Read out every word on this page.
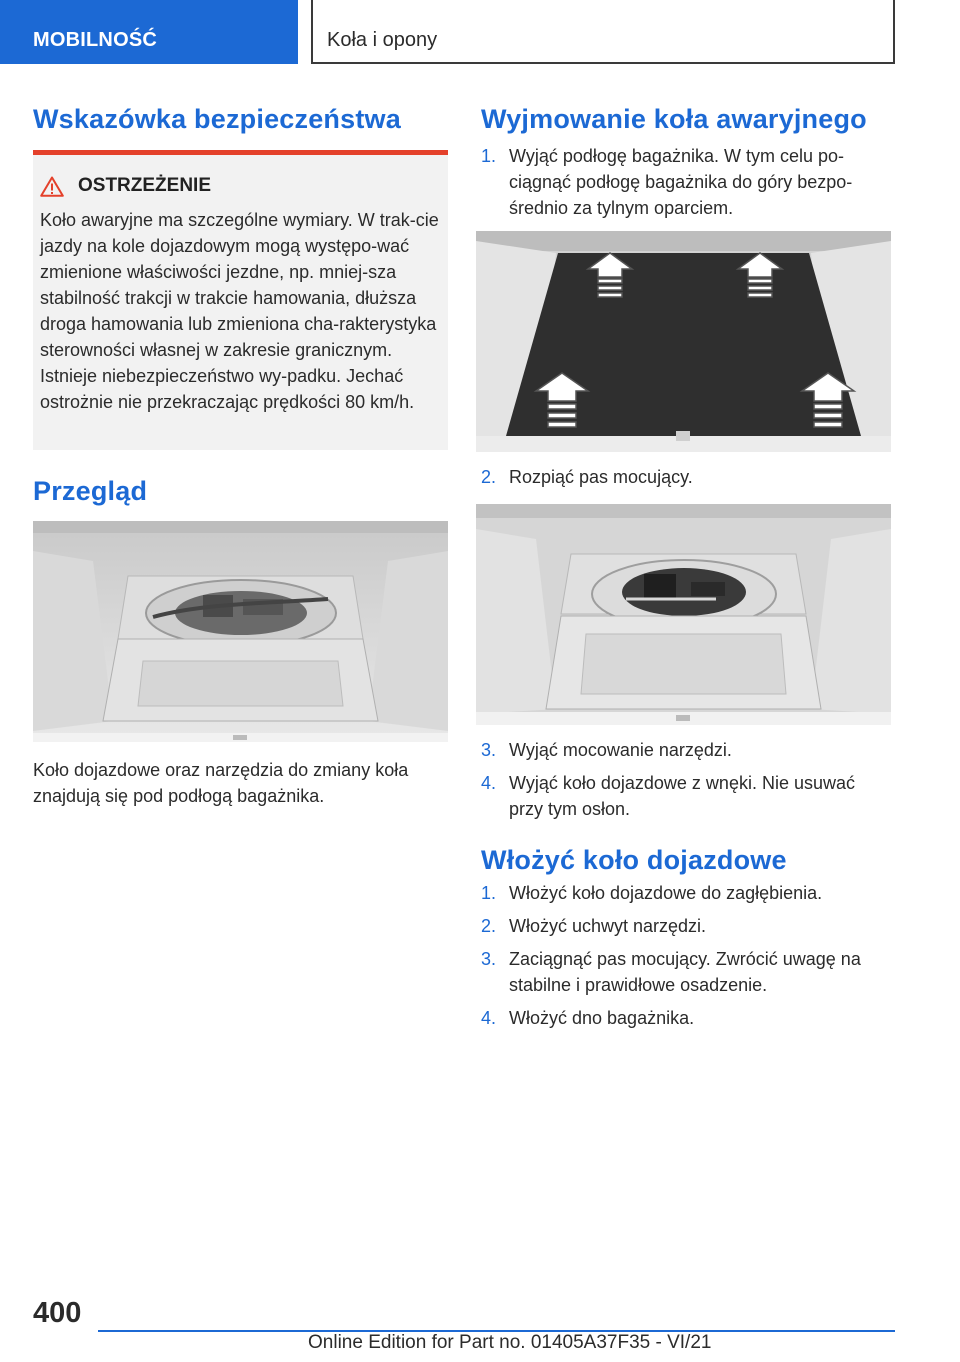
MOBILNOŚĆ	Koła i opony
Wskazówka bezpieczeństwa
OSTRZEŻENIE
Koło awaryjne ma szczególne wymiary. W trak-cie jazdy na kole dojazdowym mogą występo-wać zmienione właściwości jezdne, np. mniej-sza stabilność trakcji w trakcie hamowania, dłuższa droga hamowania lub zmieniona cha-rakterystyka sterowności własnej w zakresie granicznym. Istnieje niebezpieczeństwo wy-padku. Jechać ostrożnie nie przekraczając prędkości 80 km/h.
Przegląd
Koło dojazdowe oraz narzędzia do zmiany koła znajdują się pod podłogą bagażnika.
Wyjmowanie koła awaryjnego
1. Wyjąć podłogę bagażnika. W tym celu po-ciągnąć podłogę bagażnika do góry bezpo-średnio za tylnym oparciem.
2. Rozpiąć pas mocujący.
3. Wyjąć mocowanie narzędzi.
4. Wyjąć koło dojazdowe z wnęki. Nie usuwać przy tym osłon.
Włożyć koło dojazdowe
1. Włożyć koło dojazdowe do zagłębienia.
2. Włożyć uchwyt narzędzi.
3. Zaciągnąć pas mocujący. Zwrócić uwagę na stabilne i prawidłowe osadzenie.
4. Włożyć dno bagażnika.
400
Online Edition for Part no. 01405A37F35 - VI/21
